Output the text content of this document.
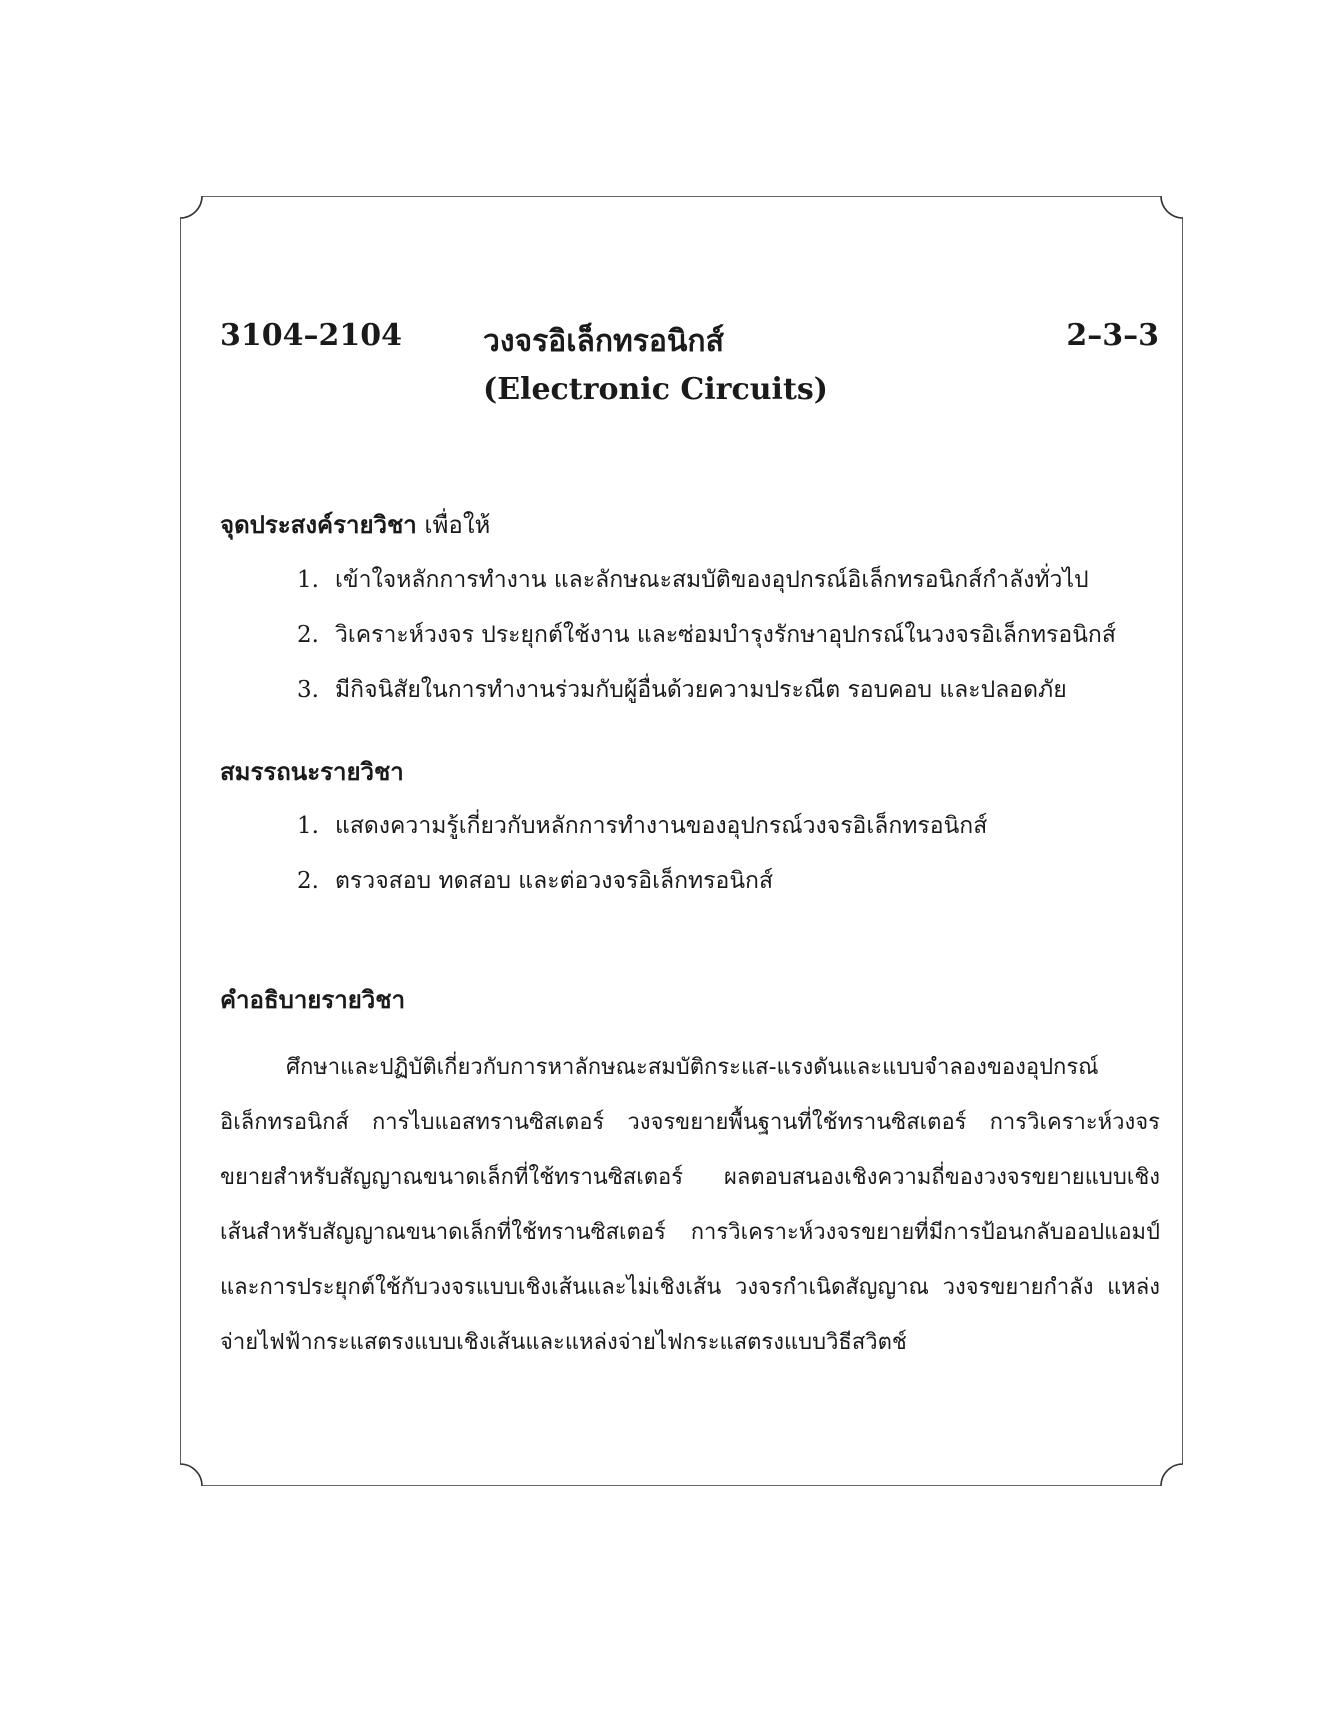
3104–2104	วงจรอิเล็กทรอนิกส์
(Electronic Circuits)
2–3–3
จุดประสงค์รายวิชา เพื่อให้
1. เข้าใจหลักการทำงาน และลักษณะสมบัติของอุปกรณ์อิเล็กทรอนิกส์กำลังทั่วไป
2. วิเคราะห์วงจร ประยุกต์ใช้งาน และซ่อมบำรุงรักษาอุปกรณ์ในวงจรอิเล็กทรอนิกส์
3. มีกิจนิสัยในการทำงานร่วมกับผู้อื่นด้วยความประณีต รอบคอบ และปลอดภัย
สมรรถนะรายวิชา
1. แสดงความรู้เกี่ยวกับหลักการทำงานของอุปกรณ์วงจรอิเล็กทรอนิกส์
2. ตรวจสอบ ทดสอบ และต่อวงจรอิเล็กทรอนิกส์
คำอธิบายรายวิชา
ศึกษาและปฏิบัติเกี่ยวกับการหาลักษณะสมบัติกระแส-แรงดันและแบบจำลองของอุปกรณ์อิเล็กทรอนิกส์ การไบแอสทรานซิสเตอร์ วงจรขยายพื้นฐานที่ใช้ทรานซิสเตอร์ การวิเคราะห์วงจรขยายสำหรับสัญญาณขนาดเล็กที่ใช้ทรานซิสเตอร์ ผลตอบสนองเชิงความถี่ของวงจรขยายแบบเชิงเส้นสำหรับสัญญาณขนาดเล็กที่ใช้ทรานซิสเตอร์ การวิเคราะห์วงจรขยายที่มีการป้อนกลับออปแอมป์และการประยุกต์ใช้กับวงจรแบบเชิงเส้นและไม่เชิงเส้น วงจรกำเนิดสัญญาณ วงจรขยายกำลัง แหล่งจ่ายไฟฟ้ากระแสตรงแบบเชิงเส้นและแหล่งจ่ายไฟกระแสตรงแบบวิธีสวิตช์
